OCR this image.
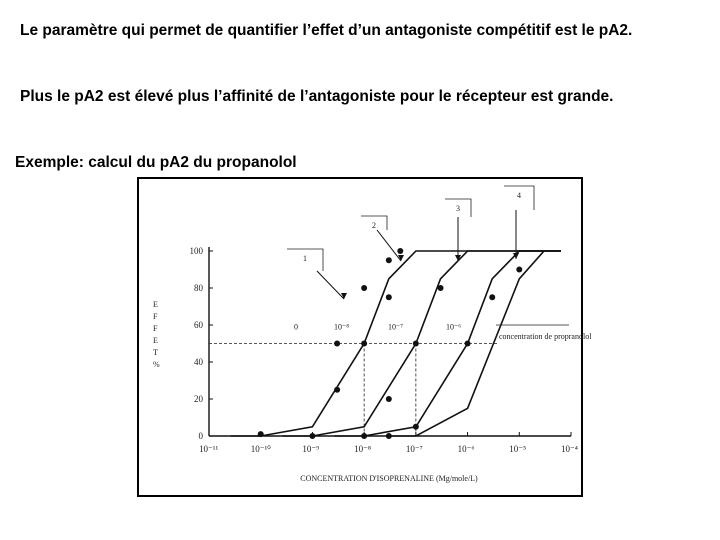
Le paramètre qui permet de quantifier l’effet d’un antagoniste compétitif est le pA2.
Plus le pA2 est élevé plus l’affinité de l’antagoniste pour le récepteur est grande.
Exemple: calcul du pA2 du propanolol
10⁻¹¹	10⁻¹⁰	10⁻⁹	10⁻⁸	10⁻⁷	10⁻⁶	10⁻⁵	10⁻⁴
0
20
40
60
80
100
E F F E T %
CONCENTRATION D'ISOPRENALINE (Mg/mole/L)
0	10⁻⁸	10⁻⁷	10⁻⁶
1
2
3
4
concentration de propranolol
